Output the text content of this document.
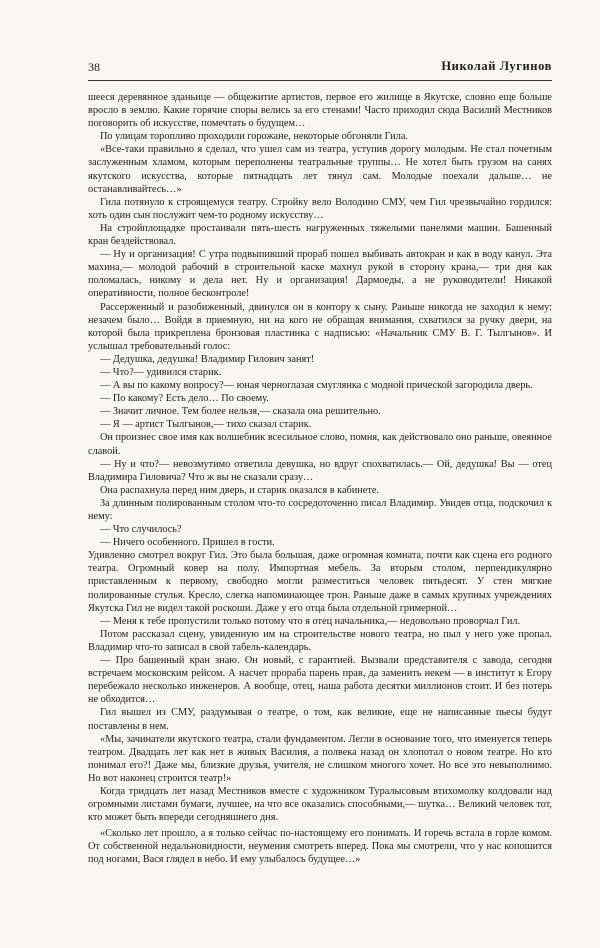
38	Николай Лугинов

шееся деревянное зданьице — общежитие артистов, первое его жилище в Якутске, словно еще больше вросло в землю. Какие горячие споры велись за его стенами! Часто приходил сюда Василий Местников поговорить об искусстве, помечтать о будущем…

По улицам торопливо проходили горожане, некоторые обгоняли Гила.

«Все-таки правильно я сделал, что ушел сам из театра, уступив дорогу молодым. Не стал почетным заслуженным хламом, которым переполнены театральные труппы… Не хотел быть грузом на санях якутского искусства, которые пятнадцать лет тянул сам. Молодые поехали дальше… не останавливайтесь…»

Гила потянуло к строящемуся театру. Стройку вело Володино СМУ, чем Гил чрезвычайно гордился: хоть один сын послужит чем-то родному искусству…

На стройплощадке простаивали пять-шесть нагруженных тяжелыми панелями машин. Башенный кран бездействовал.

— Ну и организация! С утра подвыпивший прораб пошел выбивать автокран и как в воду канул. Эта махина,— молодой рабочий в строительной каске махнул рукой в сторону крана,— три дня как поломалась, никому и дела нет. Ну и организация! Дармоеды, а не руководители! Никакой оперативности, полное бесконтроле!

Рассерженный и разобиженный, двинулся он в контору к сыну. Раньше никогда не заходил к нему: незачем было… Войдя в приемную, ни на кого не обращая внимания, схватился за ручку двери, на которой была прикреплена бронзовая пластинка с надписью: «Начальник СМУ В. Г. Тылгынов». И услышал требовательный голос:

— Дедушка, дедушка! Владимир Гилович занят!

— Что?— удивился старик.

— А вы по какому вопросу?— юная черноглазая смуглянка с модной прической загородила дверь.

— По какому? Есть дело… По своему.

— Значит личное. Тем более нельзя,— сказала она решительно.

— Я — артист Тылгынов,— тихо сказал старик.

Он произнес свое имя как волшебник всесильное слово, помня, как действовало оно раньше, овеянное славой.

— Ну и что?— невозмутимо ответила девушка, но вдруг спохватилась.— Ой, дедушка! Вы — отец Владимира Гиловича? Что ж вы не сказали сразу…

Она распахнула перед ним дверь, и старик оказался в кабинете.

За длинным полированным столом что-то сосредоточенно писал Владимир. Увидев отца, подскочил к нему:

— Что случилось?

— Ничего особенного. Пришел в гости.

Удивленно смотрел вокруг Гил. Это была большая, даже огромная комната, почти как сцена его родного театра. Огромный ковер на полу. Импортная мебель. За вторым столом, перпендикулярно приставленным к первому, свободно могли разместиться человек пятьдесят. У стен мягкие полированные стулья. Кресло, слегка напоминающее трон. Раньше даже в самых крупных учреждениях Якутска Гил не видел такой роскоши. Даже у его отца была отдельной гримерной…

— Меня к тебе пропустили только потому что я отец начальника,— недовольно проворчал Гил.

Потом рассказал сцену, увиденную им на строительстве нового театра, но пыл у него уже пропал. Владимир что-то записал в свой табель-календарь.

— Про башенный кран знаю. Он новый, с гарантией. Вызвали представителя с завода, сегодня встречаем московским рейсом. А насчет прораба парень прав, да заменить некем — в институт к Егору перебежало несколько инженеров. А вообще, отец, наша работа десятки миллионов стоит. И без потерь не обходится…

Гил вышел из СМУ, раздумывая о театре, о том, как великие, еще не написанные пьесы будут поставлены в нем.

«Мы, зачинатели якутского театра, стали фундаментом. Легли в основание того, что именуется теперь театром. Двадцать лет как нет в живых Василия, а полвека назад он хлопотал о новом театре. Но кто понимал его?! Даже мы, близкие друзья, учителя, не слишком многого хочет. Но все это невыполнимо. Но вот наконец строится театр!»

Когда тридцать лет назад Местников вместе с художником Туралысовым втихомолку колдовали над огромными листами бумаги, лучшее, на что все оказались способными,— шутка… Великий человек тот, кто может быть впереди сегодняшнего дня.

«Сколько лет прошло, а я только сейчас по-настоящему его понимать. И горечь встала в горле комом. От собственной недальновидности, неумения смотреть вперед. Пока мы смотрели, что у нас копошится под ногами, Вася глядел в небо. И ему улыбалось будущее…»
